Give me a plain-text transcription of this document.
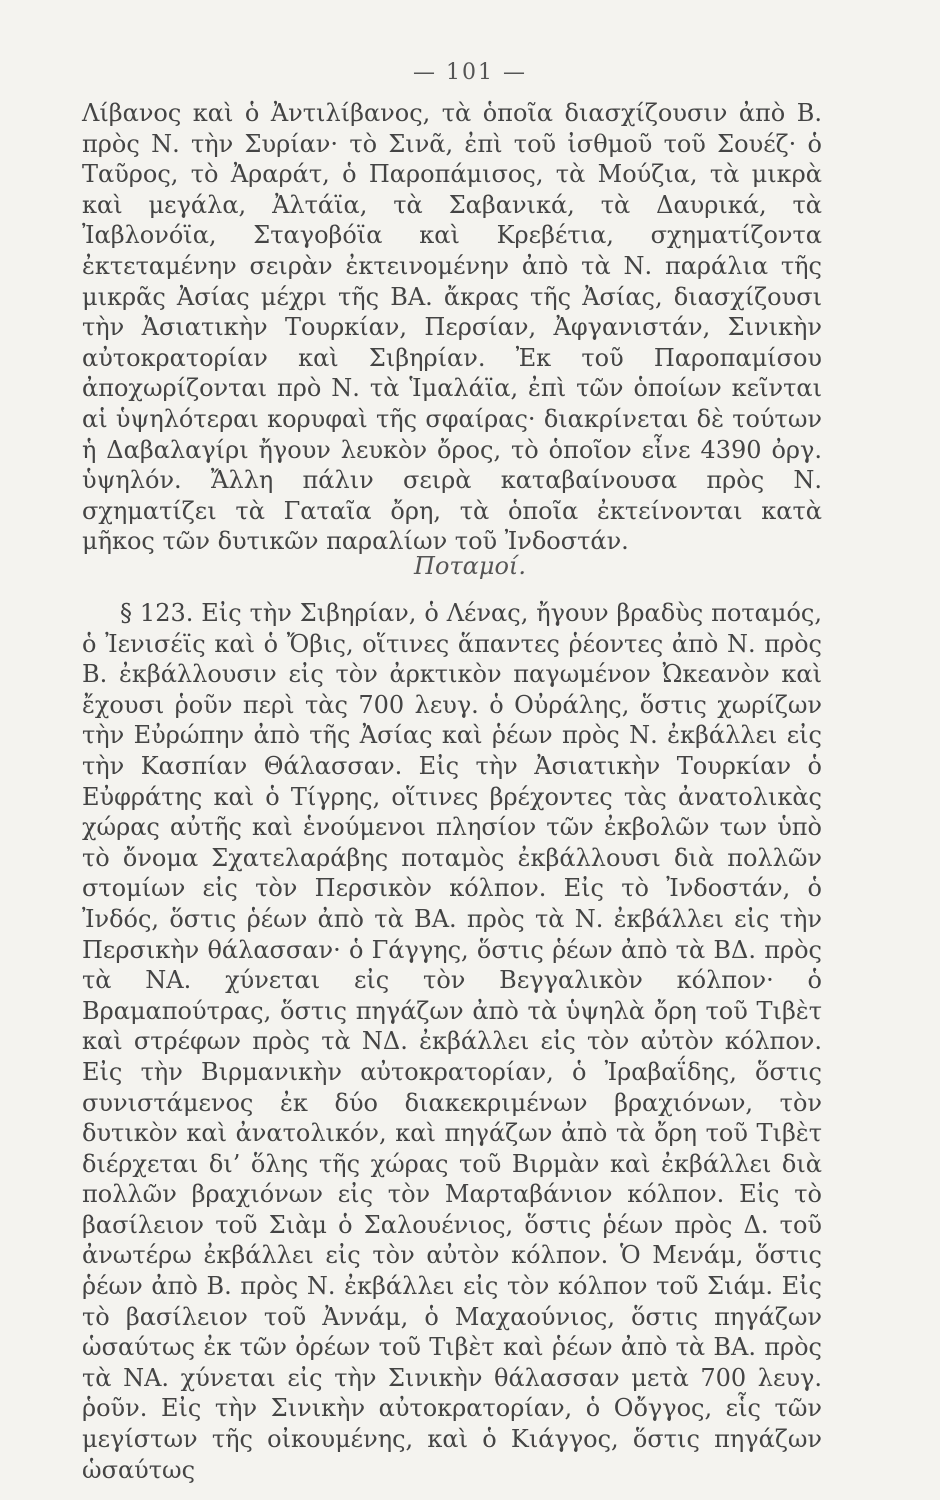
— 101 —

Λίβανος καὶ ὁ Ἀντιλίβανος, τὰ ὁποῖα διασχίζουσιν ἀπὸ Β. πρὸς Ν. τὴν Συρίαν· τὸ Σινᾶ, ἐπὶ τοῦ ἰσθμοῦ τοῦ Σουέζ· ὁ Ταῦρος, τὸ Ἀραράτ, ὁ Παροπάμισος, τὰ Μούζια, τὰ μικρὰ καὶ μεγάλα, Ἀλτάϊα, τὰ Σαβανικά, τὰ Δαυρικά, τὰ Ἰαβλονόϊα, Σταγοβόϊα καὶ Κρεβέτια, σχηματίζοντα ἐκτεταμένην σειρὰν ἐκτεινομένην ἀπὸ τὰ Ν. παράλια τῆς μικρᾶς Ἀσίας μέχρι τῆς ΒΑ. ἄκρας τῆς Ἀσίας, διασχίζουσι τὴν Ἀσιατικὴν Τουρκίαν, Περσίαν, Ἀφγανιστάν, Σινικὴν αὐτοκρατορίαν καὶ Σιβηρίαν. Ἐκ τοῦ Παροπαμίσου ἀποχωρίζονται πρὸ Ν. τὰ Ἱμαλάϊα, ἐπὶ τῶν ὁποίων κεῖνται αἱ ὑψηλότεραι κορυφαὶ τῆς σφαίρας· διακρίνεται δὲ τούτων ἡ Δαβαλαγίρι ἤγουν λευκὸν ὄρος, τὸ ὁποῖον εἶνε 4390 ὀργ. ὑψηλόν. Ἄλλη πάλιν σειρὰ καταβαίνουσα πρὸς Ν. σχηματίζει τὰ Γαταῖα ὄρη, τὰ ὁποῖα ἐκτείνονται κατὰ μῆκος τῶν δυτικῶν παραλίων τοῦ Ἰνδοστάν.

Ποταμοί.

§ 123. Εἰς τὴν Σιβηρίαν, ὁ Λένας, ἤγουν βραδὺς ποταμός, ὁ Ἰενισέϊς καὶ ὁ Ὄβις, οἵτινες ἅπαντες ῥέοντες ἀπὸ Ν. πρὸς Β. ἐκβάλλουσιν εἰς τὸν ἀρκτικὸν παγωμένον Ὠκεανὸν καὶ ἔχουσι ῥοῦν περὶ τὰς 700 λευγ. ὁ Οὐράλης, ὅστις χωρίζων τὴν Εὐρώπην ἀπὸ τῆς Ἀσίας καὶ ῥέων πρὸς Ν. ἐκβάλλει εἰς τὴν Κασπίαν Θάλασσαν. Εἰς τὴν Ἀσιατικὴν Τουρκίαν ὁ Εὐφράτης καὶ ὁ Τίγρης, οἵτινες βρέχοντες τὰς ἀνατολικὰς χώρας αὐτῆς καὶ ἑνούμενοι πλησίον τῶν ἐκβολῶν των ὑπὸ τὸ ὄνομα Σχατελαράβης ποταμὸς ἐκβάλλουσι διὰ πολλῶν στομίων εἰς τὸν Περσικὸν κόλπον. Εἰς τὸ Ἰνδοστάν, ὁ Ἰνδός, ὅστις ῥέων ἀπὸ τὰ ΒΑ. πρὸς τὰ Ν. ἐκβάλλει εἰς τὴν Περσικὴν θάλασσαν· ὁ Γάγγης, ὅστις ῥέων ἀπὸ τὰ ΒΔ. πρὸς τὰ ΝΑ. χύνεται εἰς τὸν Βεγγαλικὸν κόλπον· ὁ Βραμαπούτρας, ὅστις πηγάζων ἀπὸ τὰ ὑψηλὰ ὄρη τοῦ Τιβὲτ καὶ στρέφων πρὸς τὰ ΝΔ. ἐκβάλλει εἰς τὸν αὐτὸν κόλπον. Εἰς τὴν Βιρμανικὴν αὐτοκρατορίαν, ὁ Ἰραβαΐδης, ὅστις συνιστάμενος ἐκ δύο διακεκριμένων βραχιόνων, τὸν δυτικὸν καὶ ἀνατολικόν, καὶ πηγάζων ἀπὸ τὰ ὄρη τοῦ Τιβὲτ διέρχεται δι’ ὅλης τῆς χώρας τοῦ Βιρμὰν καὶ ἐκβάλλει διὰ πολλῶν βραχιόνων εἰς τὸν Μαρταβάνιον κόλπον. Εἰς τὸ βασίλειον τοῦ Σιὰμ ὁ Σαλουένιος, ὅστις ῥέων πρὸς Δ. τοῦ ἀνωτέρω ἐκβάλλει εἰς τὸν αὐτὸν κόλπον. Ὁ Μενάμ, ὅστις ῥέων ἀπὸ Β. πρὸς Ν. ἐκβάλλει εἰς τὸν κόλπον τοῦ Σιάμ. Εἰς τὸ βασίλειον τοῦ Ἀννάμ, ὁ Μαχαούνιος, ὅστις πηγάζων ὡσαύτως ἐκ τῶν ὀρέων τοῦ Τιβὲτ καὶ ῥέων ἀπὸ τὰ ΒΑ. πρὸς τὰ ΝΑ. χύνεται εἰς τὴν Σινικὴν θάλασσαν μετὰ 700 λευγ. ῥοῦν. Εἰς τὴν Σινικὴν αὐτοκρατορίαν, ὁ Οὄγγος, εἷς τῶν μεγίστων τῆς οἰκουμένης, καὶ ὁ Κιάγγος, ὅστις πηγάζων ὡσαύτως
